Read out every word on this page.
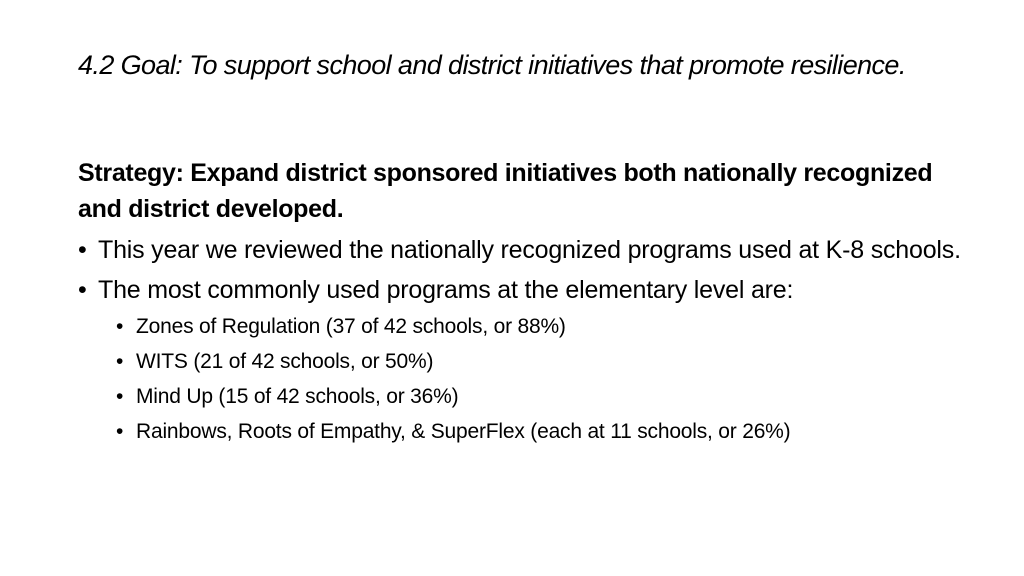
4.2 Goal: To support school and district initiatives that promote resilience.

Strategy: Expand district sponsored initiatives both nationally recognized and district developed.

• This year we reviewed the nationally recognized programs used at K-8 schools.
• The most commonly used programs at the elementary level are:
• Zones of Regulation (37 of 42 schools, or 88%)
• WITS (21 of 42 schools, or 50%)
• Mind Up (15 of 42 schools, or 36%)
• Rainbows, Roots of Empathy, & SuperFlex (each at 11 schools, or 26%)
